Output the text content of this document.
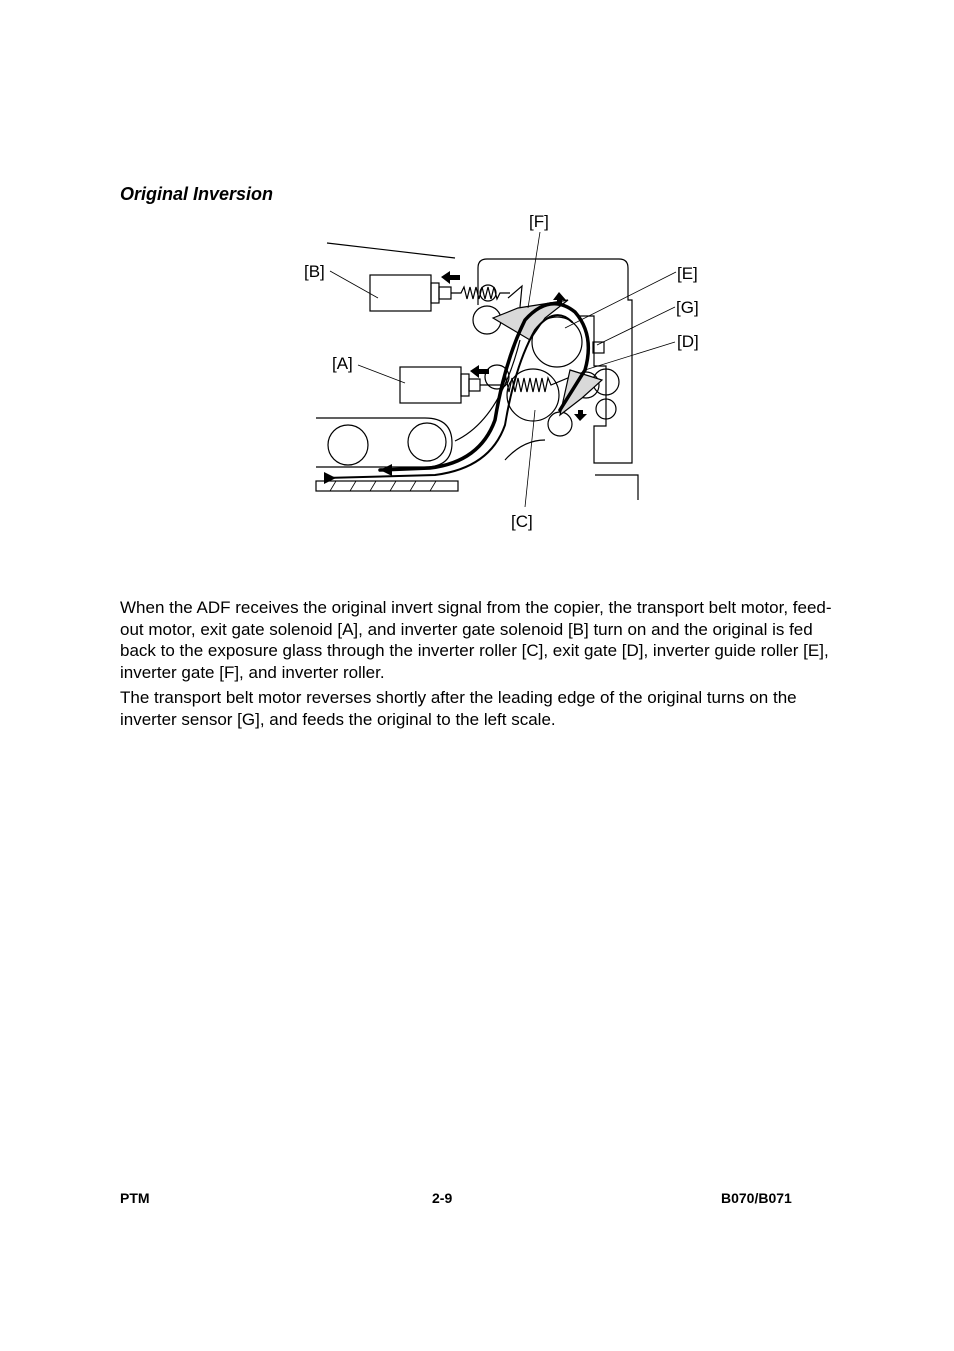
Original Inversion
[F]
[B]	[E]
[G]
[D]
[A]
[C]

When the ADF receives the original invert signal from the copier, the transport belt motor, feed-out motor, exit gate solenoid [A], and inverter gate solenoid [B] turn on and the original is fed back to the exposure glass through the inverter roller [C], exit gate [D], inverter guide roller [E], inverter gate [F], and inverter roller.

The transport belt motor reverses shortly after the leading edge of the original turns on the inverter sensor [G], and feeds the original to the left scale.

PTM	2-9	B070/B071
